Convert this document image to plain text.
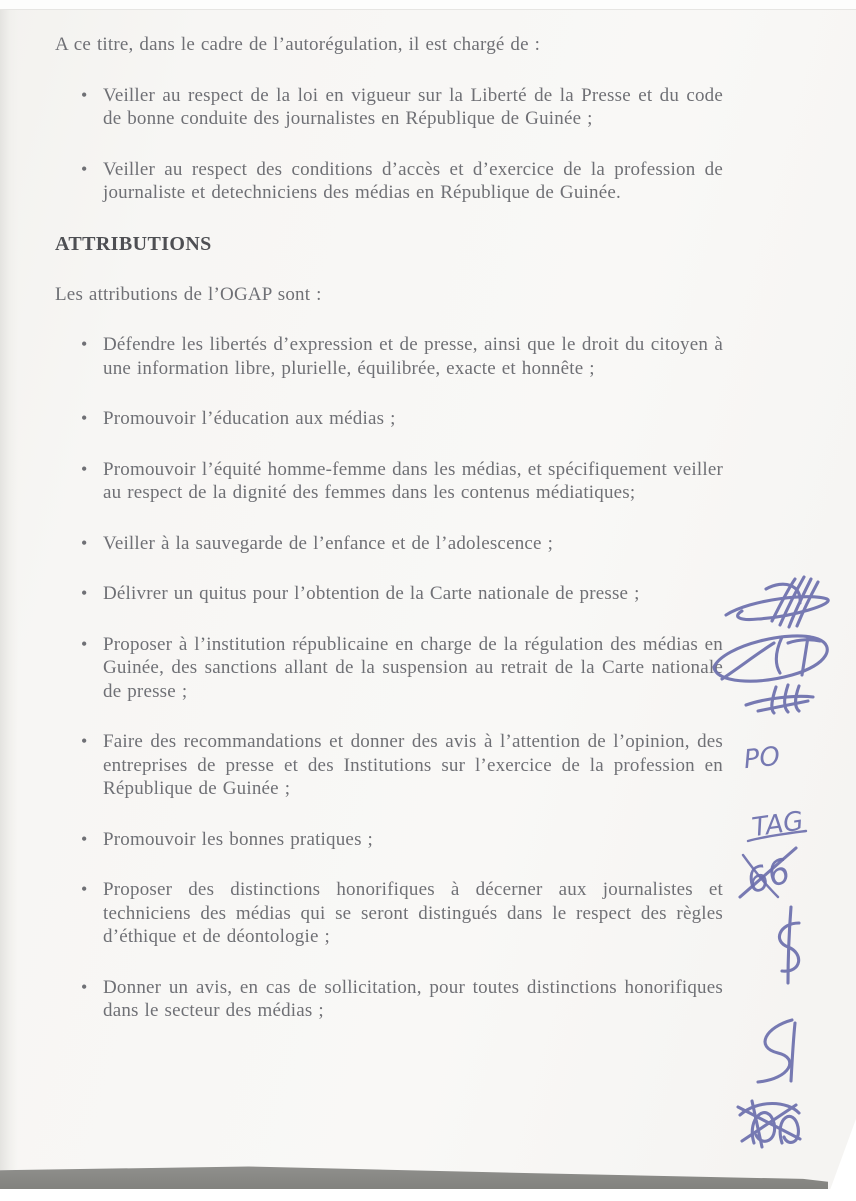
A ce titre, dans le cadre de l’autorégulation, il est chargé de :

• Veiller au respect de la loi en vigueur sur la Liberté de la Presse et du code de bonne conduite des journalistes en République de Guinée ;
• Veiller au respect des conditions d’accès et d’exercice de la profession de journaliste et detechniciens des médias en République de Guinée.
ATTRIBUTIONS

Les attributions de l’OGAP sont :

• Défendre les libertés d’expression et de presse, ainsi que le droit du citoyen à une information libre, plurielle, équilibrée, exacte et honnête ;
• Promouvoir l’éducation aux médias ;
• Promouvoir l’équité homme-femme dans les médias, et spécifiquement veiller au respect de la dignité des femmes dans les contenus médiatiques;
• Veiller à la sauvegarde de l’enfance et de l’adolescence ;
• Délivrer un quitus pour l’obtention de la Carte nationale de presse ;
• Proposer à l’institution républicaine en charge de la régulation des médias en Guinée, des sanctions allant de la suspension au retrait de la Carte nationale de presse ;
• Faire des recommandations et donner des avis à l’attention de l’opinion, des entreprises de presse et des Institutions sur l’exercice de la profession en République de Guinée ;
• Promouvoir les bonnes pratiques ;
• Proposer des distinctions honorifiques à décerner aux journalistes et techniciens des médias qui se seront distingués dans le respect des règles d’éthique et de déontologie ;
• Donner un avis, en cas de sollicitation, pour toutes distinctions honorifiques dans le secteur des médias ;
PO
TAG
66
